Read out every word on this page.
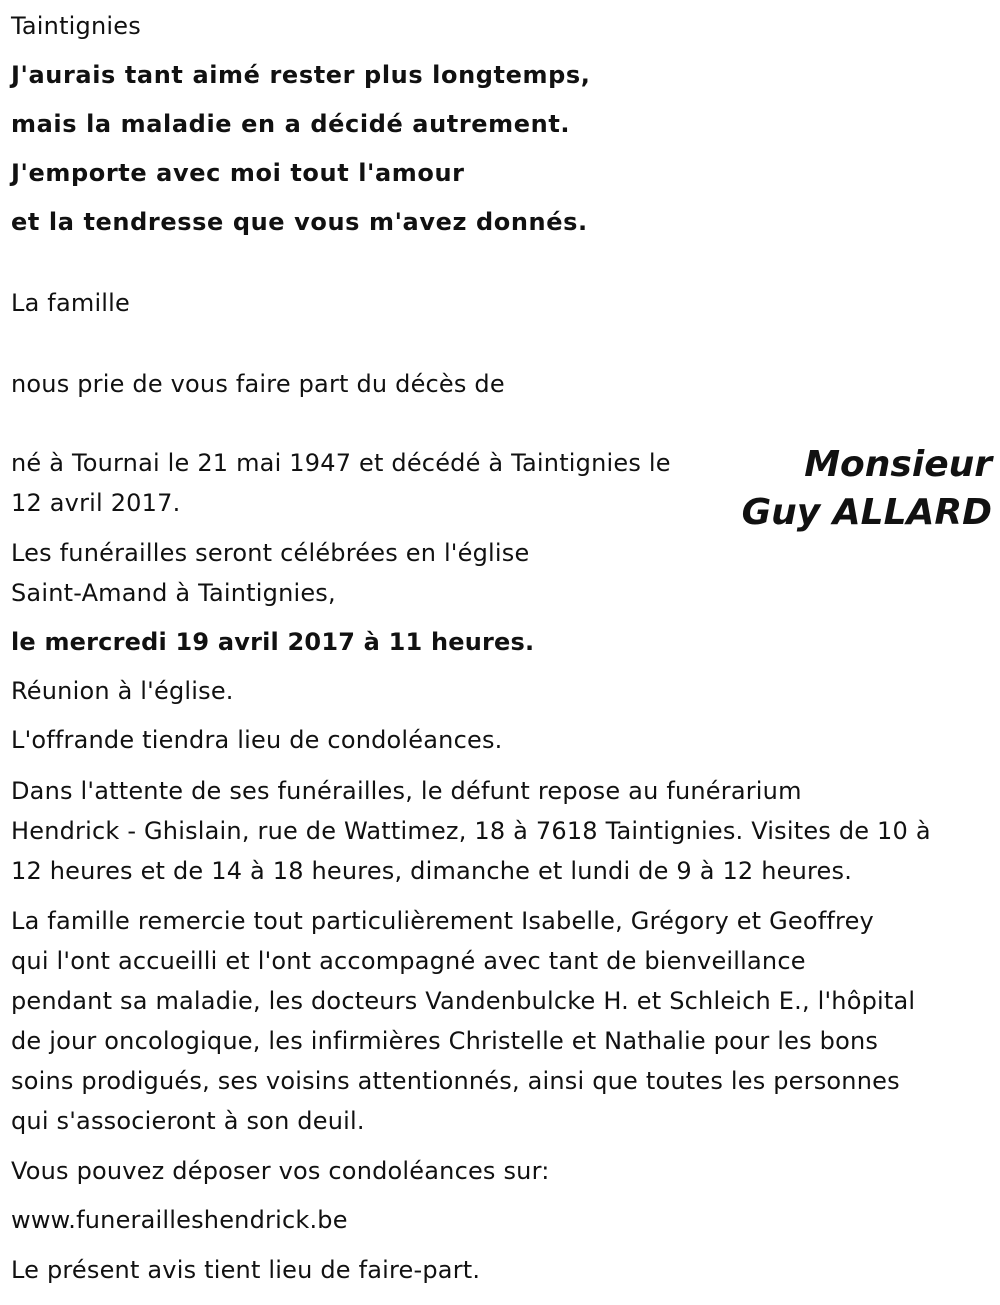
Taintignies
J'aurais tant aimé rester plus longtemps,
mais la maladie en a décidé autrement.
J'emporte avec moi tout l'amour
et la tendresse que vous m'avez donnés.
La famille
nous prie de vous faire part du décès de
né à Tournai le 21 mai 1947 et décédé à Taintignies le
12 avril 2017.
Monsieur
Guy ALLARD
Les funérailles seront célébrées en l'église
Saint-Amand à Taintignies,
le mercredi 19 avril 2017 à 11 heures.
Réunion à l'église.
L'offrande tiendra lieu de condoléances.
Dans l'attente de ses funérailles, le défunt repose au funérarium
Hendrick - Ghislain, rue de Wattimez, 18 à 7618 Taintignies. Visites de 10 à
12 heures et de 14 à 18 heures, dimanche et lundi de 9 à 12 heures.
La famille remercie tout particulièrement Isabelle, Grégory et Geoffrey
qui l'ont accueilli et l'ont accompagné avec tant de bienveillance
pendant sa maladie, les docteurs Vandenbulcke H. et Schleich E., l'hôpital
de jour oncologique, les infirmières Christelle et Nathalie pour les bons
soins prodigués, ses voisins attentionnés, ainsi que toutes les personnes
qui s'associeront à son deuil.
Vous pouvez déposer vos condoléances sur:
www.funerailleshendrick.be
Le présent avis tient lieu de faire-part.
